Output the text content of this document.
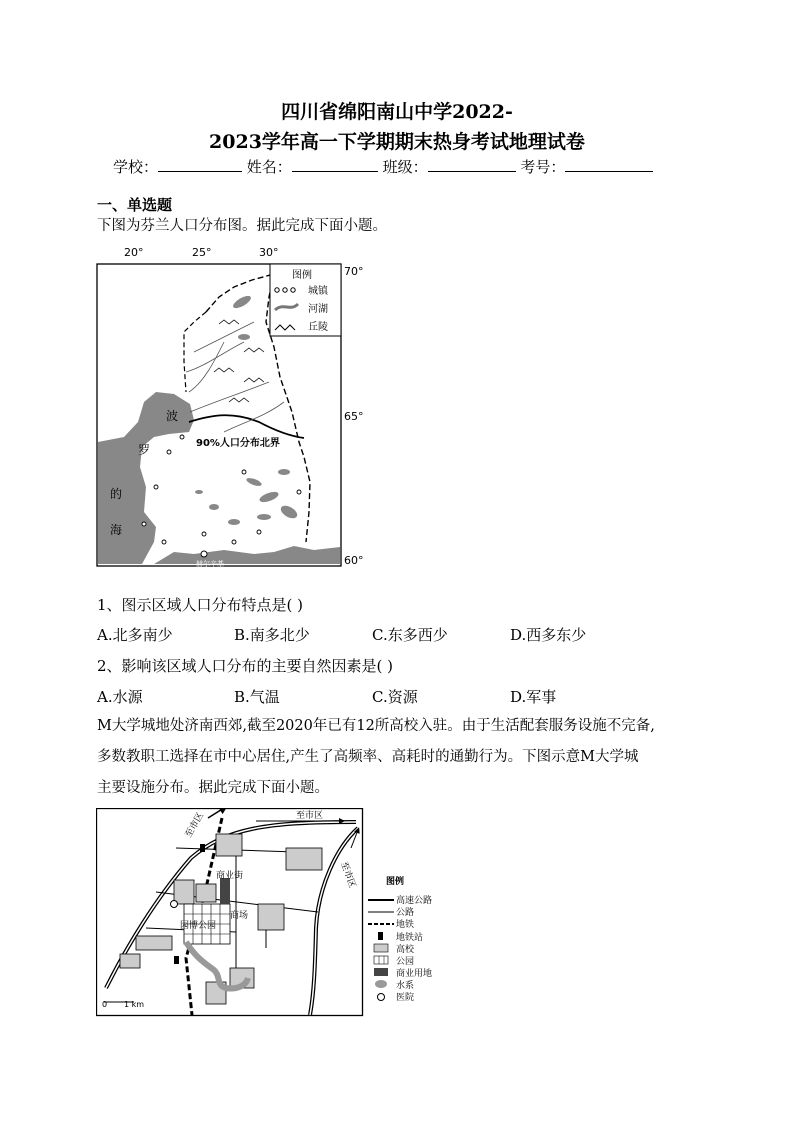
四川省绵阳南山中学2022-
2023学年高一下学期期末热身考试地理试卷
学校：	姓名：	班级：	考号：
一、单选题
下图为芬兰人口分布图。据此完成下面小题。
20°	25°	30°
70°
65°
60°
90%人口分布北界
波
罗
的
海
赫尔辛基
图例
城镇
河湖
丘陵
1、图示区域人口分布特点是( )
A.北多南少	B.南多北少	C.东多西少	D.西多东少
2、影响该区域人口分布的主要自然因素是( )
A.水源	B.气温	C.资源	D.军事
M大学城地处济南西郊,截至2020年已有12所高校入驻。由于生活配套服务设施不完备,
多数教职工选择在市中心居住,产生了高频率、高耗时的通勤行为。下图示意M大学城
主要设施分布。据此完成下面小题。
至市区	至市区
至市区
商业街
商场
园博公园
0 1 km
图例
高速公路
公路
地铁
地铁站
高校
公园
商业用地
水系
医院
